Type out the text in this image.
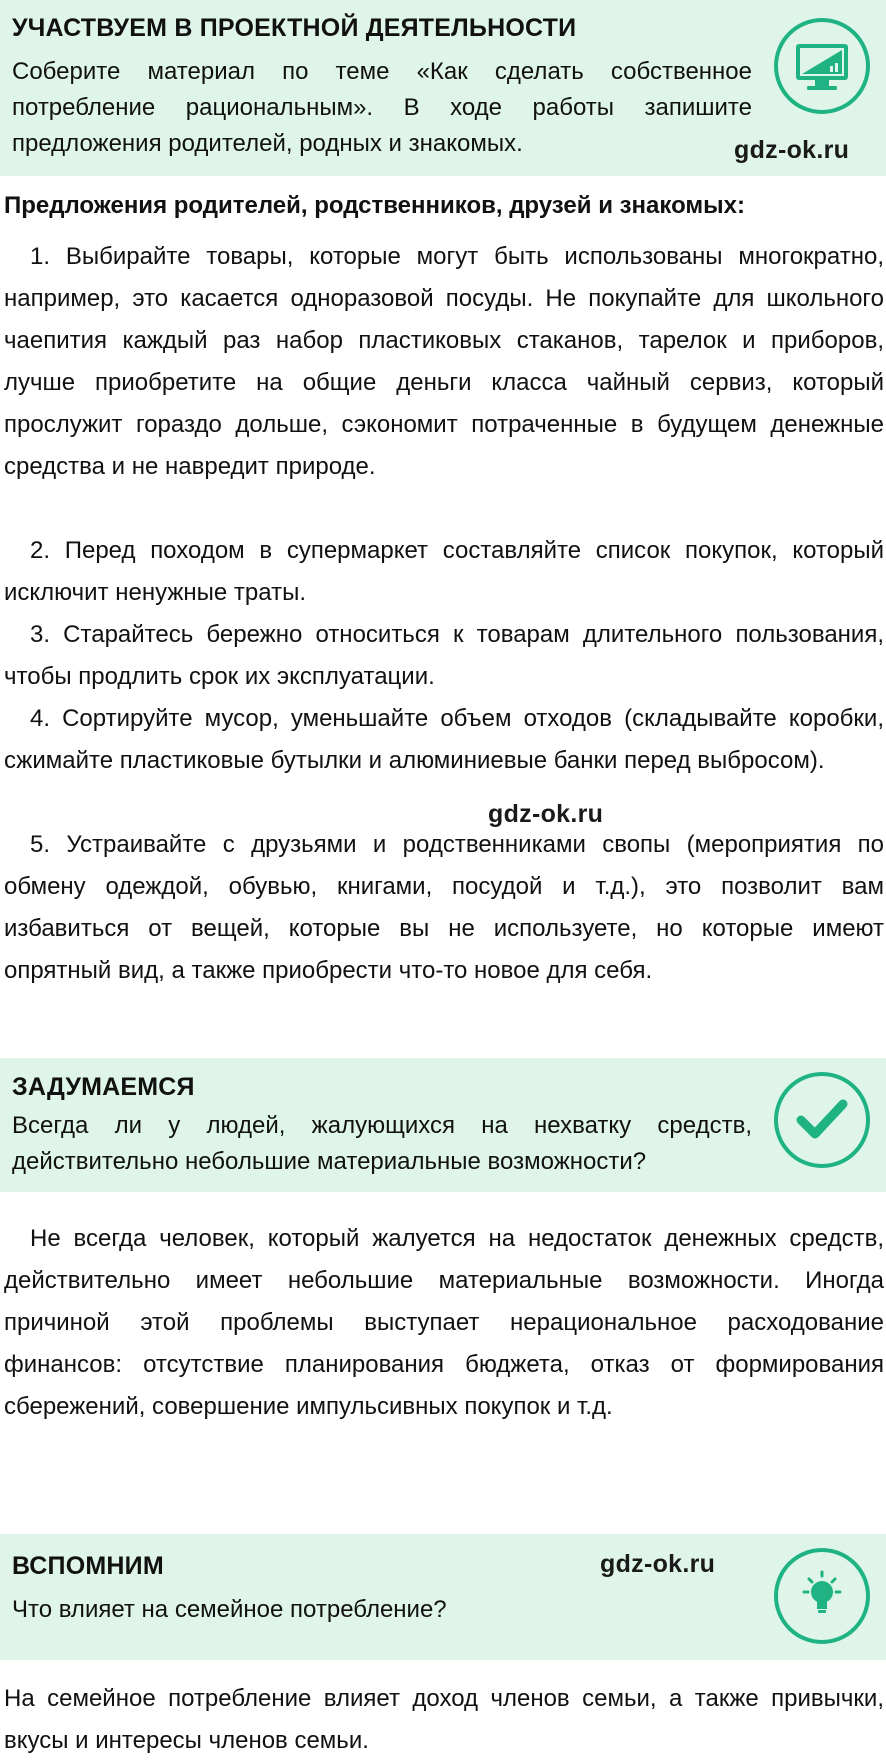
УЧАСТВУЕМ В ПРОЕКТНОЙ ДЕЯТЕЛЬНОСТИ
Соберите материал по теме «Как сделать собственное потребление рациональным». В ходе работы запишите предложения родителей, родных и знакомых.	gdz-ok.ru
Предложения родителей, родственников, друзей и знакомых:

1. Выбирайте товары, которые могут быть использованы многократно, например, это касается одноразовой посуды. Не покупайте для школьного чаепития каждый раз набор пластиковых стаканов, тарелок и приборов, лучше приобретите на общие деньги класса чайный сервиз, который прослужит гораздо дольше, сэкономит потраченные в будущем денежные средства и не навредит природе.

2. Перед походом в супермаркет составляйте список покупок, который исключит ненужные траты.

3. Старайтесь бережно относиться к товарам длительного пользования, чтобы продлить срок их эксплуатации.

4. Сортируйте мусор, уменьшайте объем отходов (складывайте коробки, сжимайте пластиковые бутылки и алюминиевые банки перед выбросом).

gdz-ok.ru

5. Устраивайте с друзьями и родственниками свопы (мероприятия по обмену одеждой, обувью, книгами, посудой и т.д.), это позволит вам избавиться от вещей, которые вы не используете, но которые имеют опрятный вид, а также приобрести что-то новое для себя.

ЗАДУМАЕМСЯ
Всегда ли у людей, жалующихся на нехватку средств, действительно небольшие материальные возможности?

Не всегда человек, который жалуется на недостаток денежных средств, действительно имеет небольшие материальные возможности. Иногда причиной этой проблемы выступает нерациональное расходование финансов: отсутствие планирования бюджета, отказ от формирования сбережений, совершение импульсивных покупок и т.д.

ВСПОМНИМ
Что влияет на семейное потребление?
gdz-ok.ru

На семейное потребление влияет доход членов семьи, а также привычки, вкусы и интересы членов семьи.
